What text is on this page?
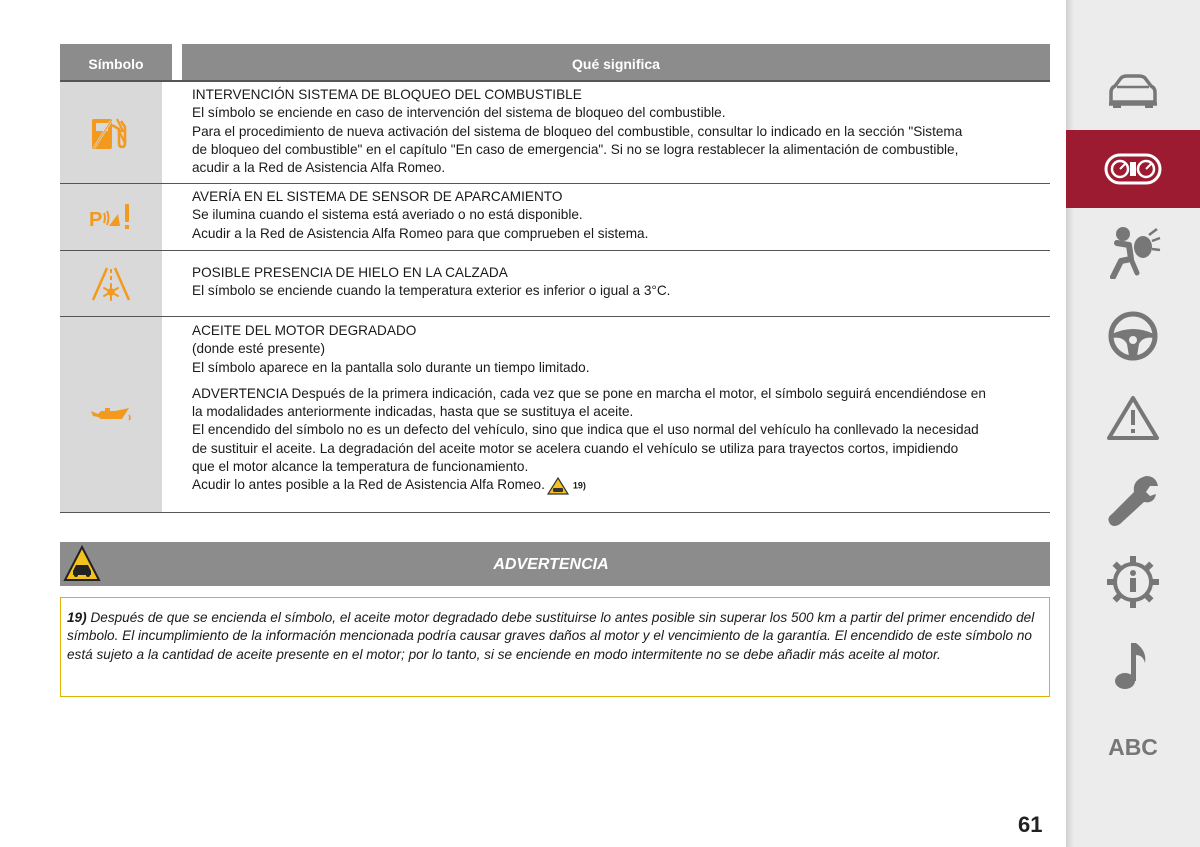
Símbolo	Qué significa

INTERVENCIÓN SISTEMA DE BLOQUEO DEL COMBUSTIBLE

El símbolo se enciende en caso de intervención del sistema de bloqueo del combustible.

Para el procedimiento de nueva activación del sistema de bloqueo del combustible, consultar lo indicado en la sección "Sistema

de bloqueo del combustible" en el capítulo "En caso de emergencia". Si no se logra restablecer la alimentación de combustible,

acudir a la Red de Asistencia Alfa Romeo.

P

AVERÍA EN EL SISTEMA DE SENSOR DE APARCAMIENTO

Se ilumina cuando el sistema está averiado o no está disponible.

Acudir a la Red de Asistencia Alfa Romeo para que comprueben el sistema.

POSIBLE PRESENCIA DE HIELO EN LA CALZADA

El símbolo se enciende cuando la temperatura exterior es inferior o igual a 3°C.

ACEITE DEL MOTOR DEGRADADO

(donde esté presente)

El símbolo aparece en la pantalla solo durante un tiempo limitado.

ADVERTENCIA Después de la primera indicación, cada vez que se pone en marcha el motor, el símbolo seguirá encendiéndose en

la modalidades anteriormente indicadas, hasta que se sustituya el aceite.

El encendido del símbolo no es un defecto del vehículo, sino que indica que el uso normal del vehículo ha conllevado la necesidad

de sustituir el aceite. La degradación del aceite motor se acelera cuando el vehículo se utiliza para trayectos cortos, impidiendo

que el motor alcance la temperatura de funcionamiento.

Acudir lo antes posible a la Red de Asistencia Alfa Romeo.	19)

ADVERTENCIA
19) Después de que se encienda el símbolo, el aceite motor degradado debe sustituirse lo antes posible sin superar los 500 km a partir del primer encendido del símbolo. El incumplimiento de la información mencionada podría causar graves daños al motor y el vencimiento de la garantía. El encendido de este símbolo no está sujeto a la cantidad de aceite presente en el motor; por lo tanto, si se enciende en modo intermitente no se debe añadir más aceite al motor.
61
ABC
